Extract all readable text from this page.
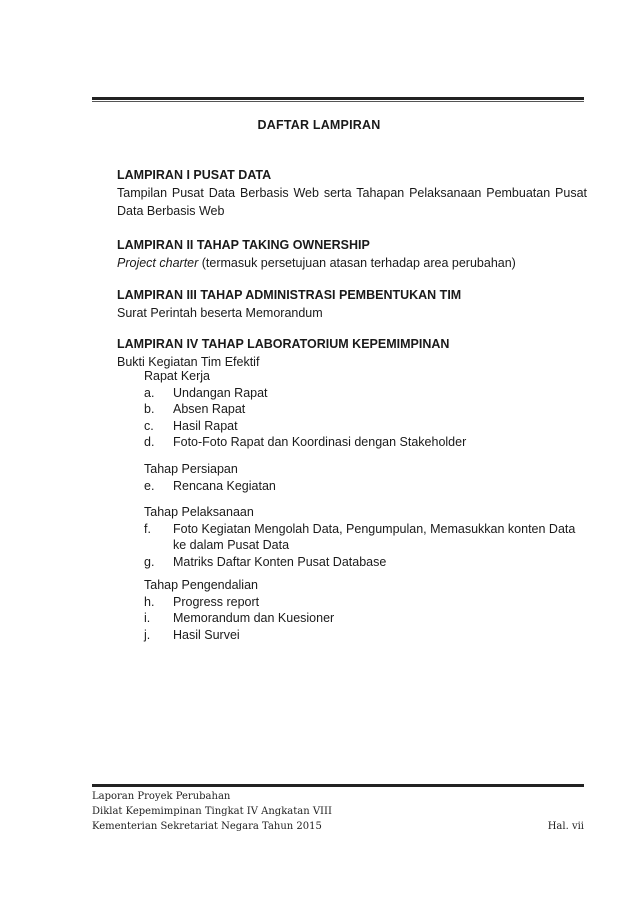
DAFTAR LAMPIRAN
LAMPIRAN I PUSAT DATA

Tampilan Pusat Data Berbasis Web serta Tahapan Pelaksanaan Pembuatan Pusat Data Berbasis Web

LAMPIRAN II TAHAP TAKING OWNERSHIP

Project charter (termasuk persetujuan atasan terhadap area perubahan)

LAMPIRAN III TAHAP ADMINISTRASI PEMBENTUKAN TIM

Surat Perintah beserta Memorandum

LAMPIRAN IV TAHAP LABORATORIUM KEPEMIMPINAN

Bukti Kegiatan Tim Efektif

Rapat Kerja
a.	Undangan Rapat
b.	Absen Rapat
c.	Hasil Rapat
d.	Foto-Foto Rapat dan Koordinasi dengan Stakeholder
Tahap Persiapan
e.	Rencana Kegiatan
Tahap Pelaksanaan
f.	Foto Kegiatan Mengolah Data, Pengumpulan, Memasukkan konten Data ke dalam Pusat Data
g.	Matriks Daftar Konten Pusat Database
Tahap Pengendalian
h.	Progress report
i.	Memorandum dan Kuesioner
j.	Hasil Survei
Laporan Proyek Perubahan
Diklat Kepemimpinan Tingkat IV Angkatan VIII
Kementerian Sekretariat Negara Tahun 2015	Hal. vii
